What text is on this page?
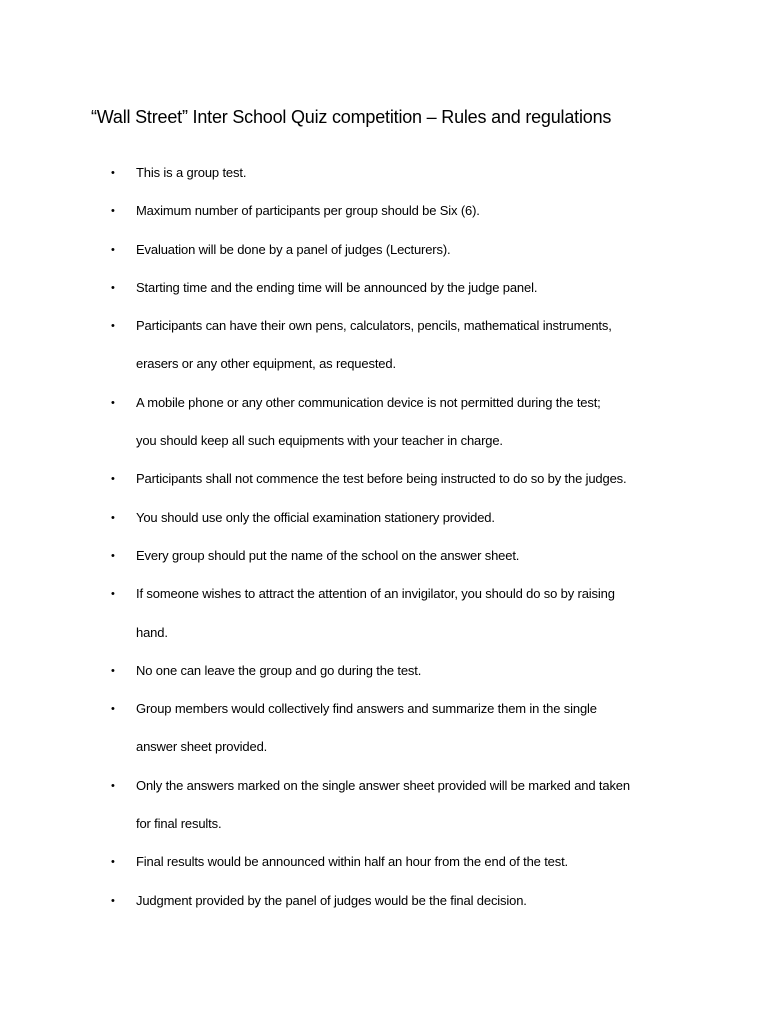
“Wall Street” Inter School Quiz competition – Rules and regulations
• This is a group test.
• Maximum number of participants per group should be Six (6).
• Evaluation will be done by a panel of judges (Lecturers).
• Starting time and the ending time will be announced by the judge panel.
• Participants can have their own pens, calculators, pencils, mathematical instruments,
erasers or any other equipment, as requested.
• A mobile phone or any other communication device is not permitted during the test;
you should keep all such equipments with your teacher in charge.
• Participants shall not commence the test before being instructed to do so by the judges.
• You should use only the official examination stationery provided.
• Every group should put the name of the school on the answer sheet.
• If someone wishes to attract the attention of an invigilator, you should do so by raising
hand.
• No one can leave the group and go during the test.
• Group members would collectively find answers and summarize them in the single
answer sheet provided.
• Only the answers marked on the single answer sheet provided will be marked and taken
for final results.
• Final results would be announced within half an hour from the end of the test.
• Judgment provided by the panel of judges would be the final decision.
